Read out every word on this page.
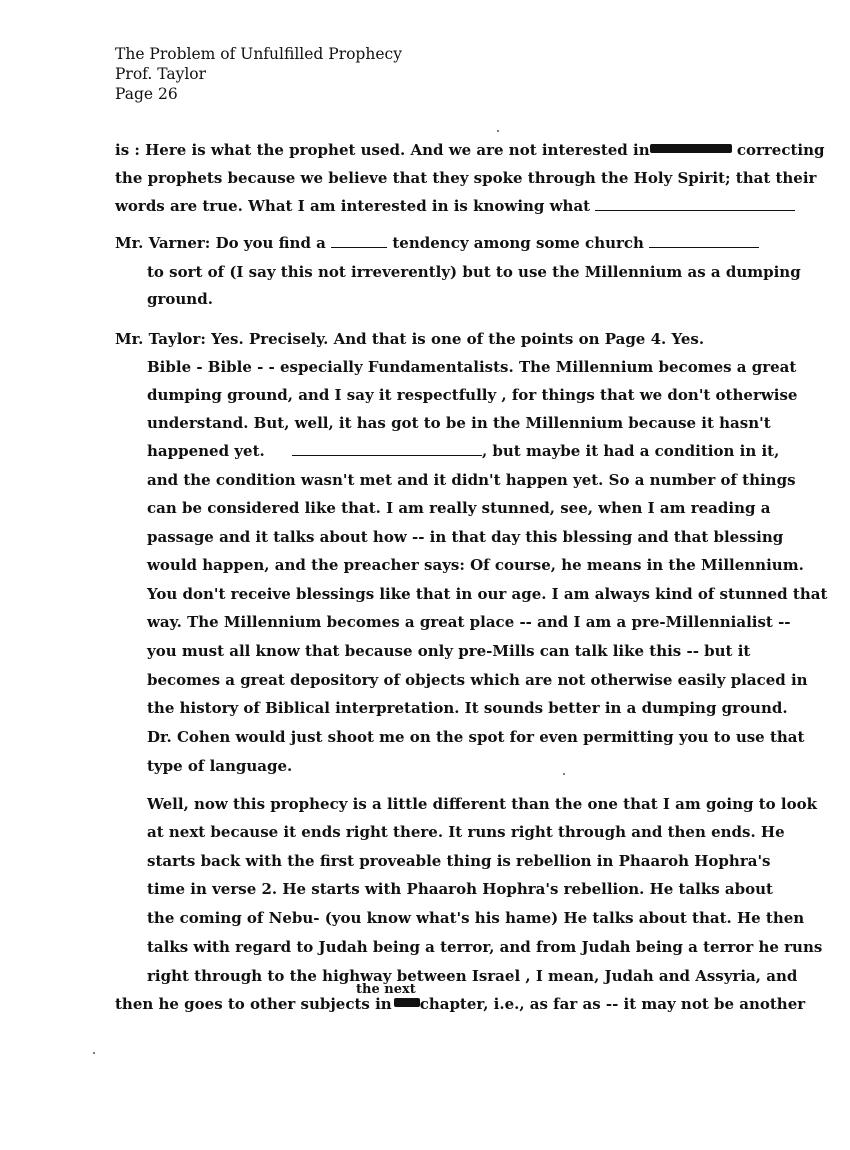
The Problem of Unfulfilled Prophecy
Prof. Taylor
Page 26
is : Here is what the prophet used. And we are not interested in	correcting
the prophets because we believe that they spoke through the Holy Spirit; that their
words are true. What I am interested in is knowing what
Mr. Varner: Do you find a	tendency among some church
to sort of (I say this not irreverently) but to use the Millennium as a dumping
ground.
Mr. Taylor: Yes. Precisely. And that is one of the points on Page 4. Yes.
Bible - Bible - - especially Fundamentalists. The Millennium becomes a great
dumping ground, and I say it respectfully , for things that we don't otherwise
understand. But, well, it has got to be in the Millennium because it hasn't
happened yet.	, but maybe it had a condition in it,
and the condition wasn't met and it didn't happen yet. So a number of things
can be considered like that. I am really stunned, see, when I am reading a
passage and it talks about how -- in that day this blessing and that blessing
would happen, and the preacher says: Of course, he means in the Millennium.
You don't receive blessings like that in our age. I am always kind of stunned that
way. The Millennium becomes a great place -- and I am a pre-Millennialist --
you must all know that because only pre-Mills can talk like this -- but it
becomes a great depository of objects which are not otherwise easily placed in
the history of Biblical interpretation. It sounds better in a dumping ground.
Dr. Cohen would just shoot me on the spot for even permitting you to use that
type of language.
Well, now this prophecy is a little different than the one that I am going to look
at next because it ends right there. It runs right through and then ends. He
starts back with the first proveable thing is rebellion in Phaaroh Hophra's
time in verse 2. He starts with Phaaroh Hophra's rebellion. He talks about
the coming of Nebu- (you know what's his hame) He talks about that. He then
talks with regard to Judah being a terror, and from Judah being a terror he runs
right through to the highway between Israel , I mean, Judah and Assyria, and
the next
then he goes to other subjects in chapter, i.e., as far as -- it may not be another
